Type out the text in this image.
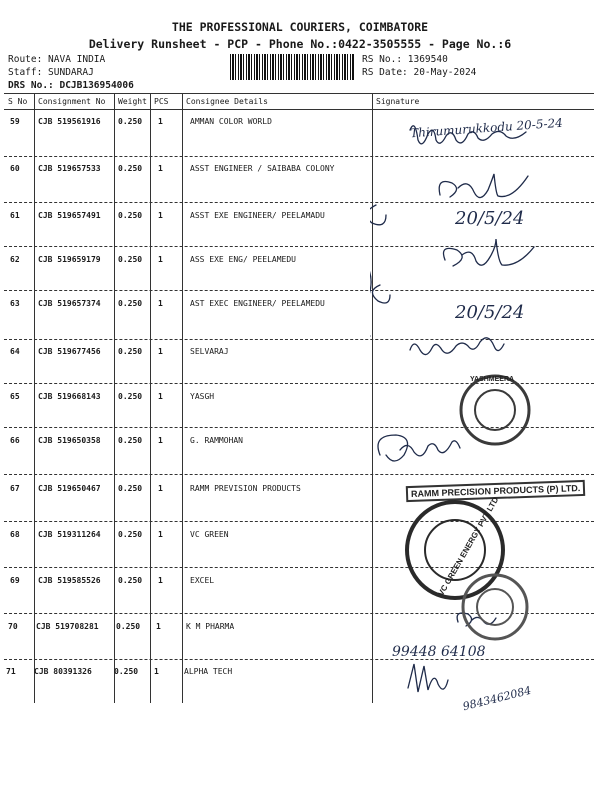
THE PROFESSIONAL COURIERS, COIMBATORE
Delivery Runsheet - PCP - Phone No.:0422-3505555 - Page No.:6
Route: NAVA INDIA
Staff: SUNDARAJ
DRS No.: DCJB136954006
RS No.: 1369540
RS Date: 20-May-2024
S No Consignment No Weight PCS Consignee Details	Signature
59 CJB 519561916 0.250 1	AMMAN COLOR WORLD
60 CJB 519657533 0.250 1	ASST ENGINEER / SAIBABA COLONY
61 CJB 519657491 0.250 1	ASST EXE ENGINEER/ PEELAMADU
62 CJB 519659179 0.250 1	ASS EXE ENG/ PEELAMEDU
63 CJB 519657374 0.250 1	AST EXEC ENGINEER/ PEELAMEDU
64 CJB 519677456 0.250 1	SELVARAJ
65 CJB 519668143 0.250 1	YASGH
66 CJB 519650358 0.250 1	G. RAMMOHAN
67 CJB 519650467 0.250 1	RAMM PREVISION PRODUCTS
68 CJB 519311264 0.250 1	VC GREEN
69 CJB 519585526 0.250 1	EXCEL
70 CJB 519708281 0.250 1	K M PHARMA
71 CJB 80391326	0.250 1	ALPHA TECH
Thirumurukkodu 20-5-24
20/5/24
20/5/24
99448 64108
9843462084
YASHMEERA
RAMM PRECISION PRODUCTS (P) LTD.
VC GREEN ENERGY PVT LTD
